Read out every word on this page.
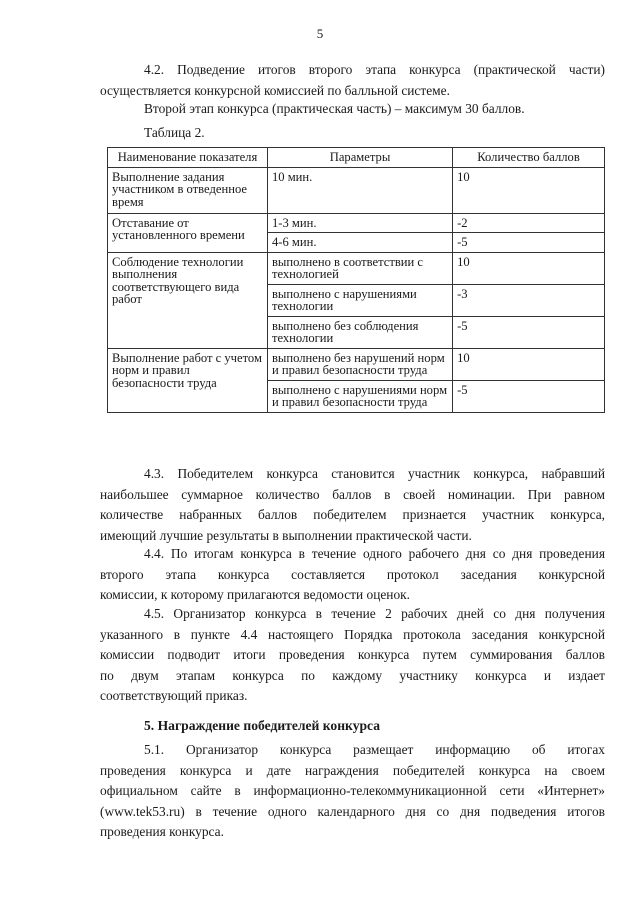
5
4.2. Подведение итогов второго этапа конкурса (практической части)
осуществляется конкурсной комиссией по балльной системе.
Второй этап конкурса (практическая часть) – максимум 30 баллов.
Таблица 2.
Наименование показателя	Параметры	Количество баллов
Выполнение задания участником в отведенное время	10 мин.	10
Отставание от установленного времени	1-3 мин.	-2
	4-6 мин.	-5
Соблюдение технологии выполнения соответствующего вида работ	выполнено в соответствии с технологией	10
	выполнено с нарушениями технологии	-3
	выполнено без соблюдения технологии	-5
Выполнение работ с учетом норм и правил безопасности труда	выполнено без нарушений норм и правил безопасности труда	10
	выполнено с нарушениями норм и правил безопасности труда	-5
4.3. Победителем конкурса становится участник конкурса, набравший
наибольшее суммарное количество баллов в своей номинации. При равном
количестве набранных баллов победителем признается участник конкурса,
имеющий лучшие результаты в выполнении практической части.
4.4. По итогам конкурса в течение одного рабочего дня со дня проведения
второго этапа конкурса составляется протокол заседания конкурсной
комиссии, к которому прилагаются ведомости оценок.
4.5. Организатор конкурса в течение 2 рабочих дней со дня получения
указанного в пункте 4.4 настоящего Порядка протокола заседания конкурсной
комиссии подводит итоги проведения конкурса путем суммирования баллов
по двум этапам конкурса по каждому участнику конкурса и издает
соответствующий приказ.
5. Награждение победителей конкурса
5.1. Организатор конкурса размещает информацию об итогах
проведения конкурса и дате награждения победителей конкурса на своем
официальном сайте в информационно-телекоммуникационной сети «Интернет»
(www.tek53.ru) в течение одного календарного дня со дня подведения итогов
проведения конкурса.
